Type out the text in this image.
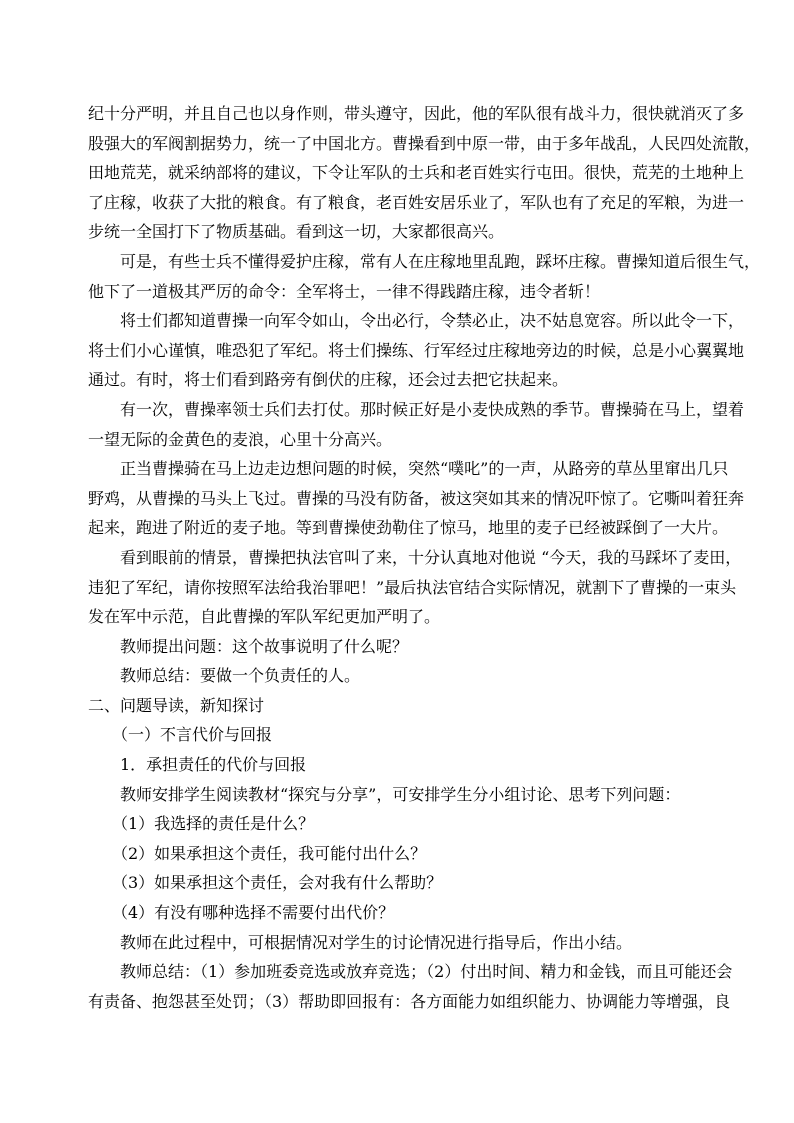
纪十分严明，并且自己也以身作则，带头遵守，因此，他的军队很有战斗力，很快就消灭了多
股强大的军阀割据势力，统一了中国北方。曹操看到中原一带，由于多年战乱，人民四处流散，
田地荒芜，就采纳部将的建议，下令让军队的士兵和老百姓实行屯田。很快，荒芜的土地种上
了庄稼，收获了大批的粮食。有了粮食，老百姓安居乐业了，军队也有了充足的军粮，为进一
步统一全国打下了物质基础。看到这一切，大家都很高兴。
可是，有些士兵不懂得爱护庄稼，常有人在庄稼地里乱跑，踩坏庄稼。曹操知道后很生气，
他下了一道极其严厉的命令：全军将士，一律不得践踏庄稼，违令者斩！
将士们都知道曹操一向军令如山，令出必行，令禁必止，决不姑息宽容。所以此令一下，
将士们小心谨慎，唯恐犯了军纪。将士们操练、行军经过庄稼地旁边的时候，总是小心翼翼地
通过。有时，将士们看到路旁有倒伏的庄稼，还会过去把它扶起来。
有一次，曹操率领士兵们去打仗。那时候正好是小麦快成熟的季节。曹操骑在马上，望着
一望无际的金黄色的麦浪，心里十分高兴。
正当曹操骑在马上边走边想问题的时候，突然“噗叱”的一声，从路旁的草丛里窜出几只
野鸡，从曹操的马头上飞过。曹操的马没有防备，被这突如其来的情况吓惊了。它嘶叫着狂奔
起来，跑进了附近的麦子地。等到曹操使劲勒住了惊马，地里的麦子已经被踩倒了一大片。
看到眼前的情景，曹操把执法官叫了来，十分认真地对他说 “今天，我的马踩坏了麦田，
违犯了军纪，请你按照军法给我治罪吧！”最后执法官结合实际情况，就割下了曹操的一束头
发在军中示范，自此曹操的军队军纪更加严明了。
教师提出问题：这个故事说明了什么呢？
教师总结：要做一个负责任的人。
二、问题导读，新知探讨
（一）不言代价与回报
1．承担责任的代价与回报
教师安排学生阅读教材“探究与分享”，可安排学生分小组讨论、思考下列问题：
（1）我选择的责任是什么？
（2）如果承担这个责任，我可能付出什么？
（3）如果承担这个责任，会对我有什么帮助？
（4）有没有哪种选择不需要付出代价？
教师在此过程中，可根据情况对学生的讨论情况进行指导后，作出小结。
教师总结：（1）参加班委竞选或放弃竞选；（2）付出时间、精力和金钱，而且可能还会
有责备、抱怨甚至处罚；（3）帮助即回报有：各方面能力如组织能力、协调能力等增强，良
